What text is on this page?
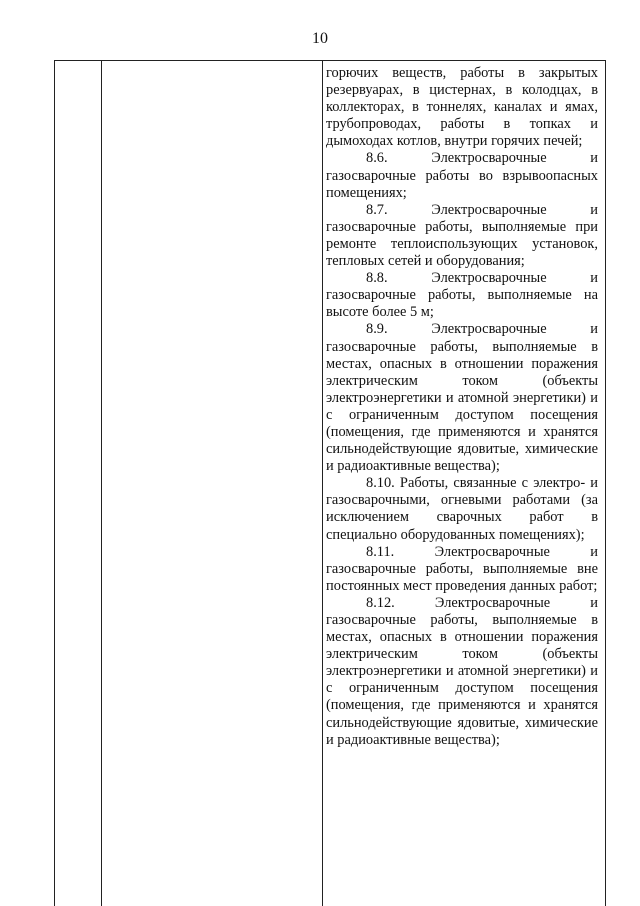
10

горючих веществ, работы в закрытых резервуарах, в цистернах, в колодцах, в коллекторах, в тоннелях, каналах и ямах, трубопроводах, работы в топках и дымоходах котлов, внутри горячих печей;

8.6. Электросварочные и газосварочные работы во взрывоопасных помещениях;

8.7. Электросварочные и газосварочные работы, выполняемые при ремонте теплоиспользующих установок, тепловых сетей и оборудования;

8.8. Электросварочные и газосварочные работы, выполняемые на высоте более 5 м;

8.9. Электросварочные и газосварочные работы, выполняемые в местах, опасных в отношении поражения электрическим током (объекты электроэнергетики и атомной энергетики) и с ограниченным доступом посещения (помещения, где применяются и хранятся сильнодействующие ядовитые, химические и радиоактивные вещества);

8.10. Работы, связанные с электро- и газосварочными, огневыми работами (за исключением сварочных работ в специально оборудованных помещениях);

8.11. Электросварочные и газосварочные работы, выполняемые вне постоянных мест проведения данных работ;

8.12. Электросварочные и газосварочные работы, выполняемые в местах, опасных в отношении поражения электрическим током (объекты электроэнергетики и атомной энергетики) и с ограниченным доступом посещения (помещения, где применяются и хранятся сильнодействующие ядовитые, химические и радиоактивные вещества);
